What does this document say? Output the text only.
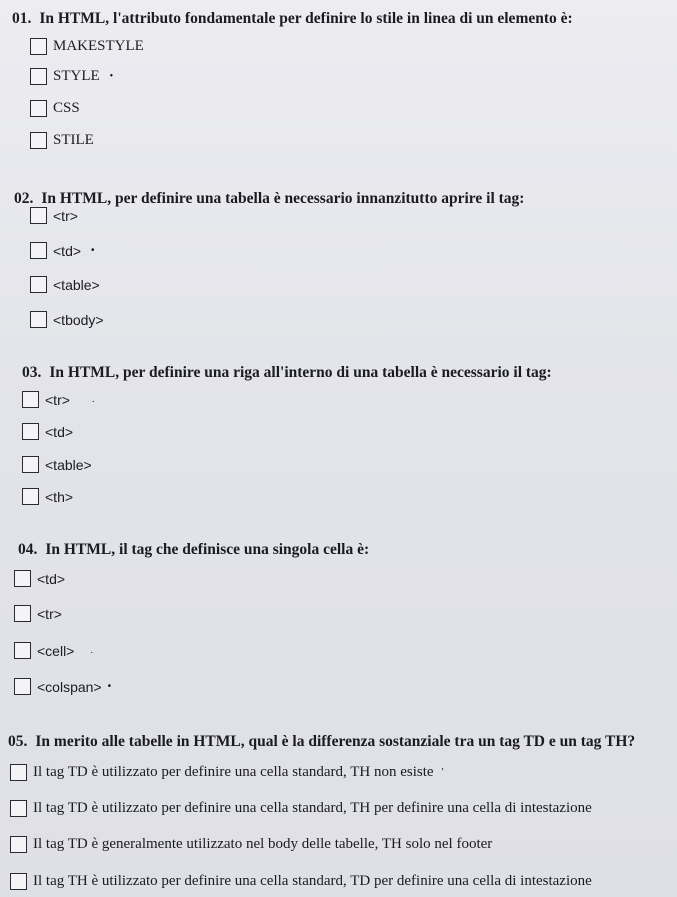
01. In HTML, l'attributo fondamentale per definire lo stile in linea di un elemento è:
MAKESTYLE
STYLE •
CSS
STILE
02. In HTML, per definire una tabella è necessario innanzitutto aprire il tag:
<tr>
<td> •
<table>
<tbody>
03. In HTML, per definire una riga all'interno di una tabella è necessario il tag:
<tr> .
<td>
<table>
<th>
04. In HTML, il tag che definisce una singola cella è:
<td>
<tr>
<cell> .
<colspan> •
05. In merito alle tabelle in HTML, qual è la differenza sostanziale tra un tag TD e un tag TH?
Il tag TD è utilizzato per definire una cella standard, TH non esiste '
Il tag TD è utilizzato per definire una cella standard, TH per definire una cella di intestazione
Il tag TD è generalmente utilizzato nel body delle tabelle, TH solo nel footer
Il tag TH è utilizzato per definire una cella standard, TD per definire una cella di intestazione
